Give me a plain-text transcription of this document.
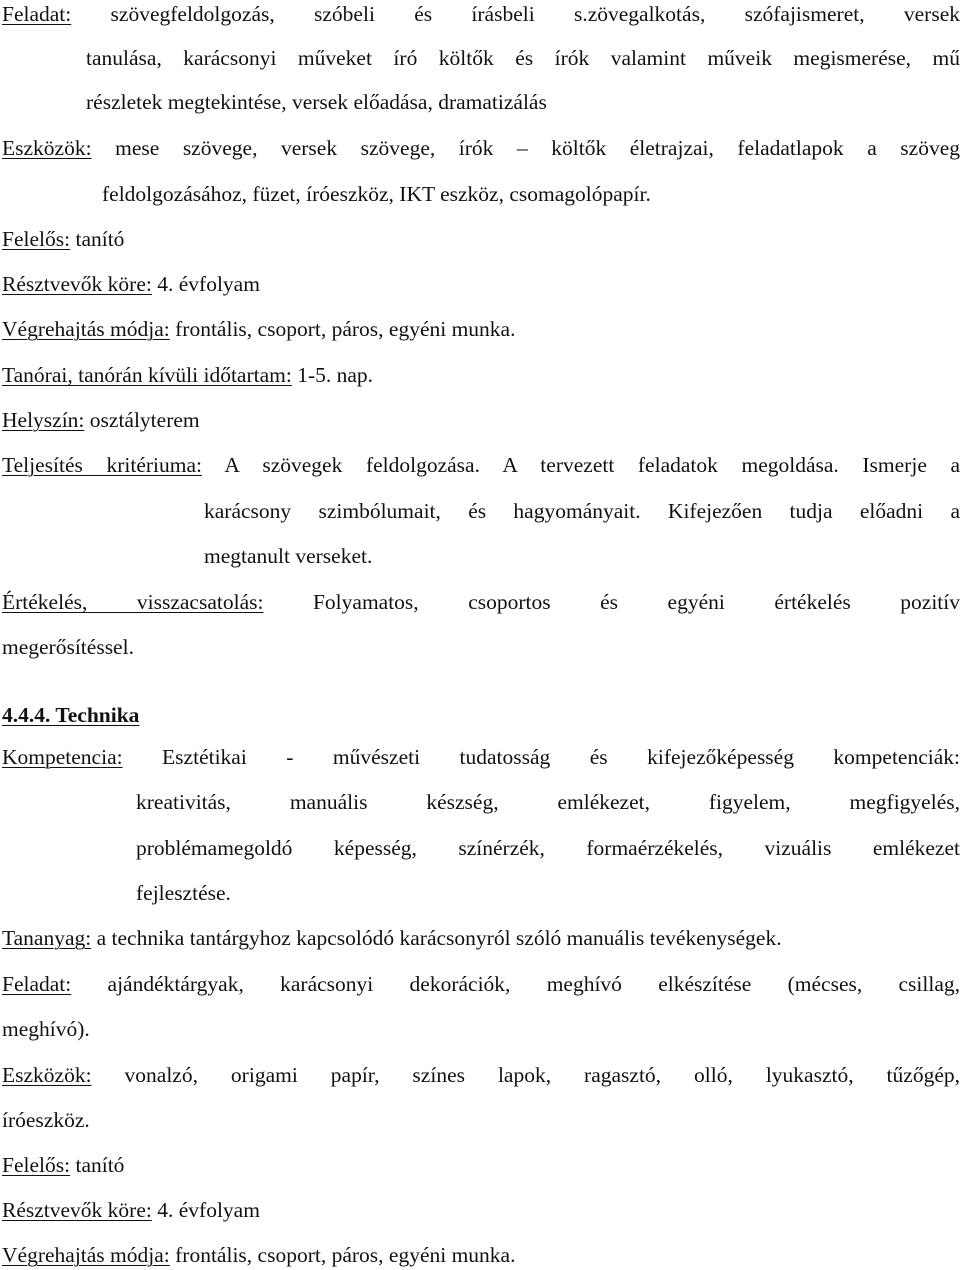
Feladat: szövegfeldolgozás, szóbeli és írásbeli s.zövegalkotás, szófajismeret, versek
tanulása, karácsonyi műveket író költők és írók valamint műveik megismerése, mű
részletek megtekintése, versek előadása, dramatizálás
Eszközök: mese szövege, versek szövege, írók – költők életrajzai, feladatlapok a szöveg
feldolgozásához, füzet, íróeszköz, IKT eszköz, csomagolópapír.
Felelős: tanító
Résztvevők köre: 4. évfolyam
Végrehajtás módja: frontális, csoport, páros, egyéni munka.
Tanórai, tanórán kívüli időtartam: 1-5. nap.
Helyszín: osztályterem
Teljesítés kritériuma: A szövegek feldolgozása. A tervezett feladatok megoldása. Ismerje a
karácsony szimbólumait, és hagyományait. Kifejezően tudja előadni a
megtanult verseket.
Értékelés, visszacsatolás: Folyamatos, csoportos és egyéni értékelés pozitív
megerősítéssel.
4.4.4. Technika
Kompetencia: Esztétikai - művészeti tudatosság és kifejezőképesség kompetenciák:
kreativitás, manuális készség, emlékezet, figyelem, megfigyelés,
problémamegoldó képesség, színérzék, formaérzékelés, vizuális emlékezet
fejlesztése.
Tananyag: a technika tantárgyhoz kapcsolódó karácsonyról szóló manuális tevékenységek.
Feladat: ajándéktárgyak, karácsonyi dekorációk, meghívó elkészítése (mécses, csillag,
meghívó).
Eszközök: vonalzó, origami papír, színes lapok, ragasztó, olló, lyukasztó, tűzőgép,
íróeszköz.
Felelős: tanító
Résztvevők köre: 4. évfolyam
Végrehajtás módja: frontális, csoport, páros, egyéni munka.
